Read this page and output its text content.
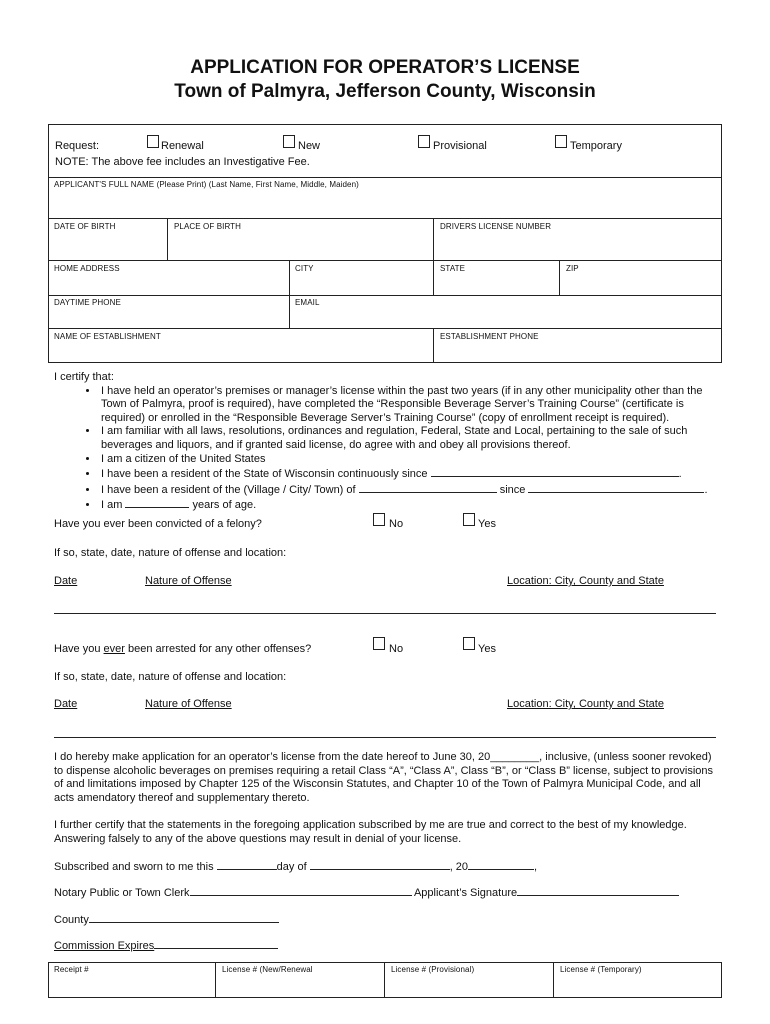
APPLICATION FOR OPERATOR’S LICENSE
Town of Palmyra, Jefferson County, Wisconsin
Request:	Renewal	New	Provisional	Temporary
NOTE: The above fee includes an Investigative Fee.
APPLICANT'S FULL NAME (Please Print) (Last Name, First Name, Middle, Maiden)
DATE OF BIRTH	PLACE OF BIRTH	DRIVERS LICENSE NUMBER
HOME ADDRESS	CITY	STATE	ZIP
DAYTIME PHONE	EMAIL
NAME OF ESTABLISHMENT	ESTABLISHMENT PHONE
I certify that:
• I have held an operator’s premises or manager’s license within the past two years (if in any other municipality other than the Town of Palmyra, proof is required), have completed the “Responsible Beverage Server’s Training Course” (certificate is required) or enrolled in the “Responsible Beverage Server’s Training Course” (copy of enrollment receipt is required).
• I am familiar with all laws, resolutions, ordinances and regulation, Federal, State and Local, pertaining to the sale of such beverages and liquors, and if granted said license, do agree with and obey all provisions thereof.
• I am a citizen of the United States
• I have been a resident of the State of Wisconsin continuously since	.
• I have been a resident of the (Village / City/ Town) of	since	.
• I am	years of age.
Have you ever been convicted of a felony?	No	Yes
If so, state, date, nature of offense and location:
Date	Nature of Offense	Location: City, County and State
Have you ever been arrested for any other offenses?	No	Yes
If so, state, date, nature of offense and location:
Date	Nature of Offense	Location: City, County and State
I do hereby make application for an operator’s license from the date hereof to June 30, 20________, inclusive, (unless sooner revoked) to dispense alcoholic beverages on premises requiring a retail Class “A”, “Class A”, Class “B”, or “Class B” license, subject to provisions of and limitations imposed by Chapter 125 of the Wisconsin Statutes, and Chapter 10 of the Town of Palmyra Municipal Code, and all acts amendatory thereof and supplementary thereto.
I further certify that the statements in the foregoing application subscribed by me are true and correct to the best of my knowledge. Answering falsely to any of the above questions may result in denial of your license.
Subscribed and sworn to me this	day of	, 20	,
Notary Public or Town Clerk	Applicant’s Signature
County
Commission Expires
Receipt #	License # (New/Renewal	License # (Provisional)	License # (Temporary)
